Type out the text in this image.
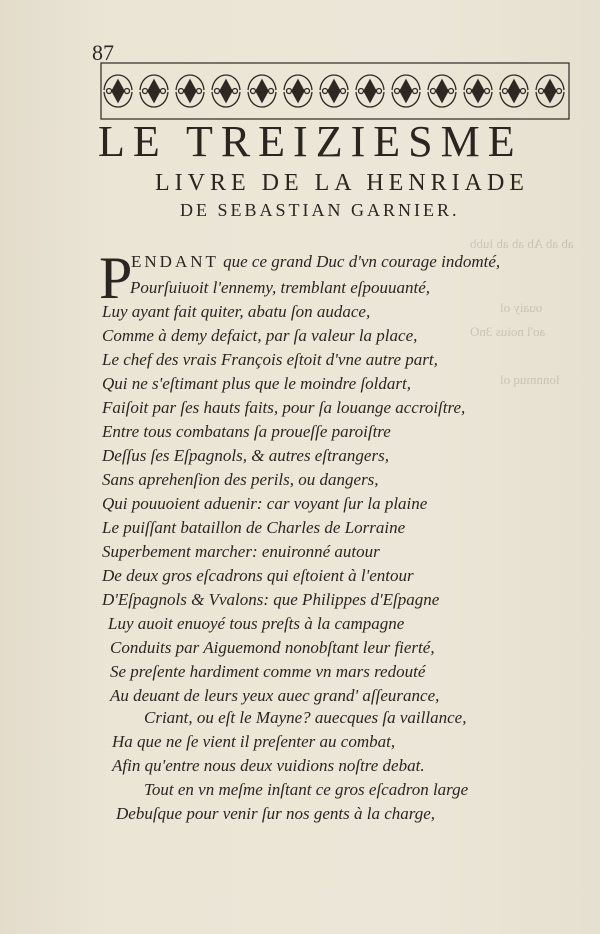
87
LE TREIZIESME
LIVRE DE LA HENRIADE
DE SEBASTIAN GARNIER.
P
ENDANT que ce grand Duc d'vn courage indomté,
Pourſuiuoit l'ennemy, tremblant eſpouuanté,
Luy ayant fait quiter, abatu ſon audace,
Comme à demy defaict, par ſa valeur la place,
Le chef des vrais François eſtoit d'vne autre part,
Qui ne s'eſtimant plus que le moindre ſoldart,
Faiſoit par ſes hauts faits, pour ſa louange accroiſtre,
Entre tous combatans ſa proueſſe paroiſtre
Deſſus ſes Eſpagnols, & autres eſtrangers,
Sans aprehenſion des perils, ou dangers,
Qui pouuoient aduenir: car voyant ſur la plaine
Le puiſſant bataillon de Charles de Lorraine
Superbement marcher: enuironné autour
De deux gros eſcadrons qui eſtoient à l'entour
D'Eſpagnols & Vvalons: que Philippes d'Eſpagne
Luy auoit enuoyé tous preſts à la campagne
Conduits par Aiguemond nonobſtant leur fierté,
Se preſente hardiment comme vn mars redouté
Au deuant de leurs yeux auec grand' aſſeurance,
Criant, ou eſt le Mayne? auecques ſa vaillance,
Ha que ne ſe vient il preſenter au combat,
Afin qu'entre nous deux vuidions noſtre debat.
Tout en vn meſme inſtant ce gros eſcadron large
Debuſque pour venir ſur nos gents à la charge,
ab ab Ab ab ab lubb
ouaiy ol
ao'l noius 3nO
lonnmuq ol
